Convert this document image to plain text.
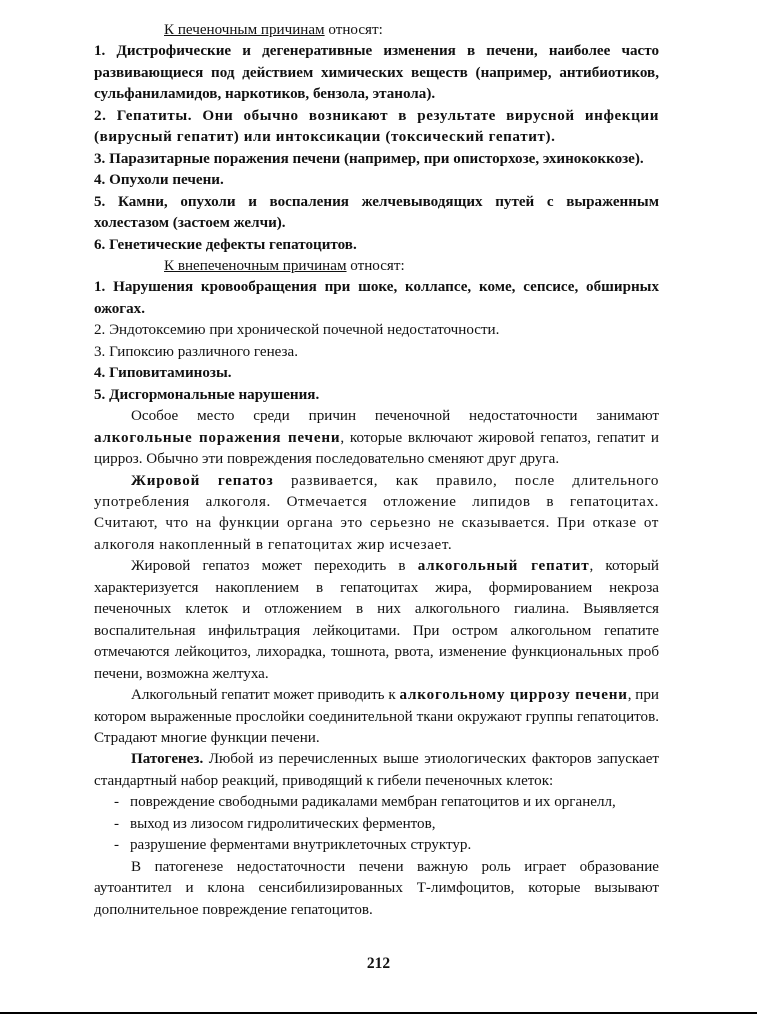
К печеночным причинам относят:

1. Дистрофические и дегенеративные изменения в печени, наиболее часто развивающиеся под действием химических веществ (например, антибиотиков, сульфаниламидов, наркотиков, бензола, этанола).

2. Гепатиты. Они обычно возникают в результате вирусной инфекции (вирусный гепатит) или интоксикации (токсический гепатит).

3. Паразитарные поражения печени (например, при описторхозе, эхинококкозе).

4. Опухоли печени.

5. Камни, опухоли и воспаления желчевыводящих путей с выраженным холестазом (застоем желчи).

6. Генетические дефекты гепатоцитов.

К внепеченочным причинам относят:

1. Нарушения кровообращения при шоке, коллапсе, коме, сепсисе, обширных ожогах.

2. Эндотоксемию при хронической почечной недостаточности.

3. Гипоксию различного генеза.

4. Гиповитаминозы.

5. Дисгормональные нарушения.

Особое место среди причин печеночной недостаточности занимают алкогольные поражения печени, которые включают жировой гепатоз, гепатит и цирроз. Обычно эти повреждения последовательно сменяют друг друга.

Жировой гепатоз развивается, как правило, после длительного употребления алкоголя. Отмечается отложение липидов в гепатоцитах. Считают, что на функции органа это серьезно не сказывается. При отказе от алкоголя накопленный в гепатоцитах жир исчезает.

Жировой гепатоз может переходить в алкогольный гепатит, который характеризуется накоплением в гепатоцитах жира, формированием некроза печеночных клеток и отложением в них алкогольного гиалина. Выявляется воспалительная инфильтрация лейкоцитами. При остром алкогольном гепатите отмечаются лейкоцитоз, лихорадка, тошнота, рвота, изменение функциональных проб печени, возможна желтуха.

Алкогольный гепатит может приводить к алкогольному циррозу печени, при котором выраженные прослойки соединительной ткани окружают группы гепатоцитов. Страдают многие функции печени.

Патогенез. Любой из перечисленных выше этиологических факторов запускает стандартный набор реакций, приводящий к гибели печеночных клеток:

- повреждение свободными радикалами мембран гепатоцитов и их органелл,
- выход из лизосом гидролитических ферментов,
- разрушение ферментами внутриклеточных структур.

В патогенезе недостаточности печени важную роль играет образование аутоантител и клона сенсибилизированных Т-лимфоцитов, которые вызывают дополнительное повреждение гепатоцитов.

212
